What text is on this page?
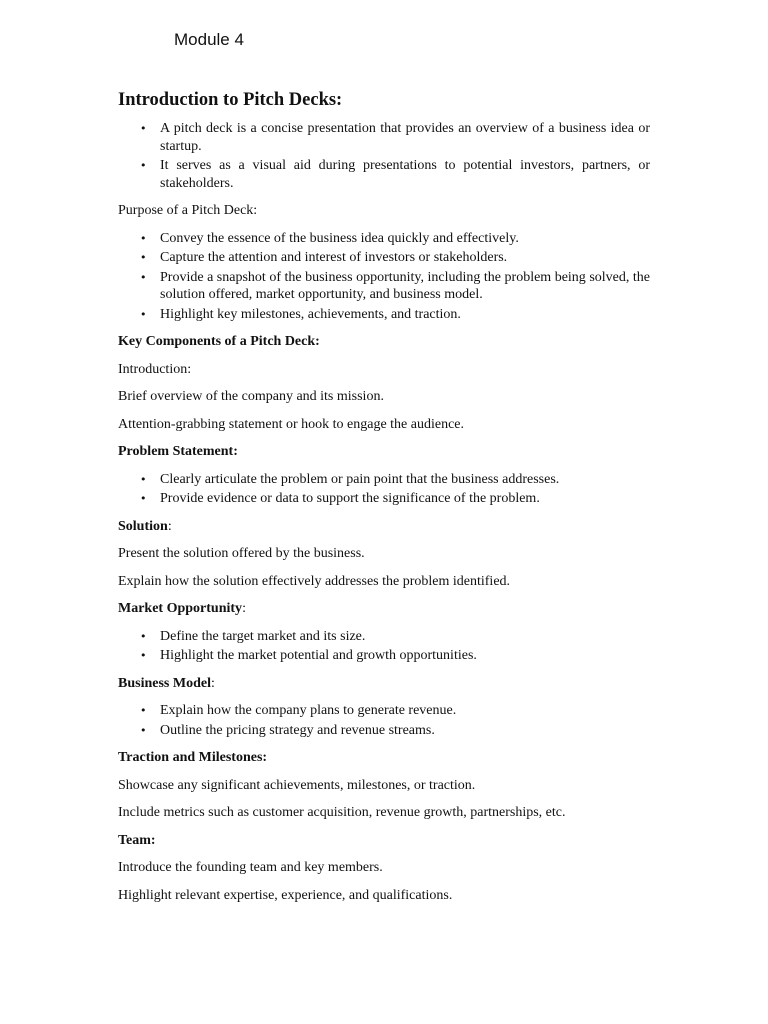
Module 4
Introduction to Pitch Decks:
• A pitch deck is a concise presentation that provides an overview of a business idea or startup.
• It serves as a visual aid during presentations to potential investors, partners, or stakeholders.
Purpose of a Pitch Deck:
• Convey the essence of the business idea quickly and effectively.
• Capture the attention and interest of investors or stakeholders.
• Provide a snapshot of the business opportunity, including the problem being solved, the solution offered, market opportunity, and business model.
• Highlight key milestones, achievements, and traction.
Key Components of a Pitch Deck:
Introduction:
Brief overview of the company and its mission.
Attention-grabbing statement or hook to engage the audience.
Problem Statement:
• Clearly articulate the problem or pain point that the business addresses.
• Provide evidence or data to support the significance of the problem.
Solution:
Present the solution offered by the business.
Explain how the solution effectively addresses the problem identified.
Market Opportunity:
• Define the target market and its size.
• Highlight the market potential and growth opportunities.
Business Model:
• Explain how the company plans to generate revenue.
• Outline the pricing strategy and revenue streams.
Traction and Milestones:
Showcase any significant achievements, milestones, or traction.
Include metrics such as customer acquisition, revenue growth, partnerships, etc.
Team:
Introduce the founding team and key members.
Highlight relevant expertise, experience, and qualifications.
